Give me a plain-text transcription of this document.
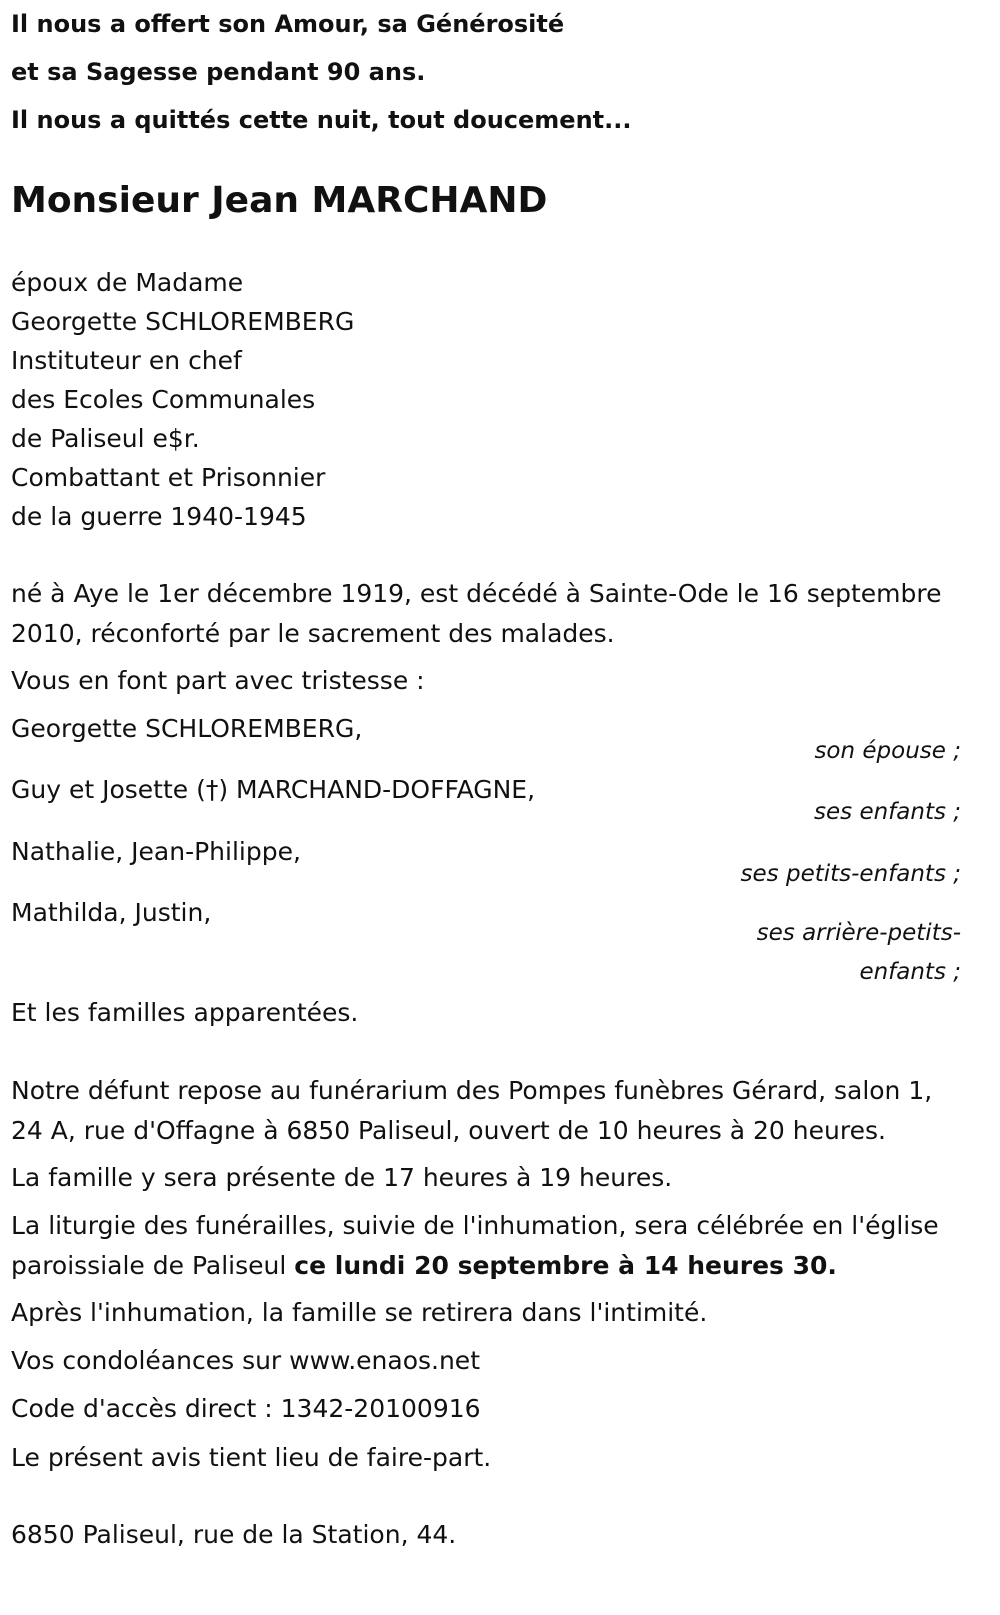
Il nous a offert son Amour, sa Générosité
et sa Sagesse pendant 90 ans.
Il nous a quittés cette nuit, tout doucement...
Monsieur Jean MARCHAND
époux de Madame
Georgette SCHLOREMBERG
Instituteur en chef
des Ecoles Communales
de Paliseul e$r.
Combattant et Prisonnier
de la guerre 1940-1945
né à Aye le 1er décembre 1919, est décédé à Sainte-Ode le 16 septembre 2010, réconforté par le sacrement des malades.
Vous en font part avec tristesse :
Georgette SCHLOREMBERG,
son épouse ;
Guy et Josette (†) MARCHAND-DOFFAGNE,
ses enfants ;
Nathalie, Jean-Philippe,
ses petits-enfants ;
Mathilda, Justin,
ses arrière-petits-enfants ;
Et les familles apparentées.
Notre défunt repose au funérarium des Pompes funèbres Gérard, salon 1, 24 A, rue d'Offagne à 6850 Paliseul, ouvert de 10 heures à 20 heures.
La famille y sera présente de 17 heures à 19 heures.
La liturgie des funérailles, suivie de l'inhumation, sera célébrée en l'église paroissiale de Paliseul ce lundi 20 septembre à 14 heures 30.
Après l'inhumation, la famille se retirera dans l'intimité.
Vos condoléances sur www.enaos.net
Code d'accès direct : 1342-20100916
Le présent avis tient lieu de faire-part.
6850 Paliseul, rue de la Station, 44.
